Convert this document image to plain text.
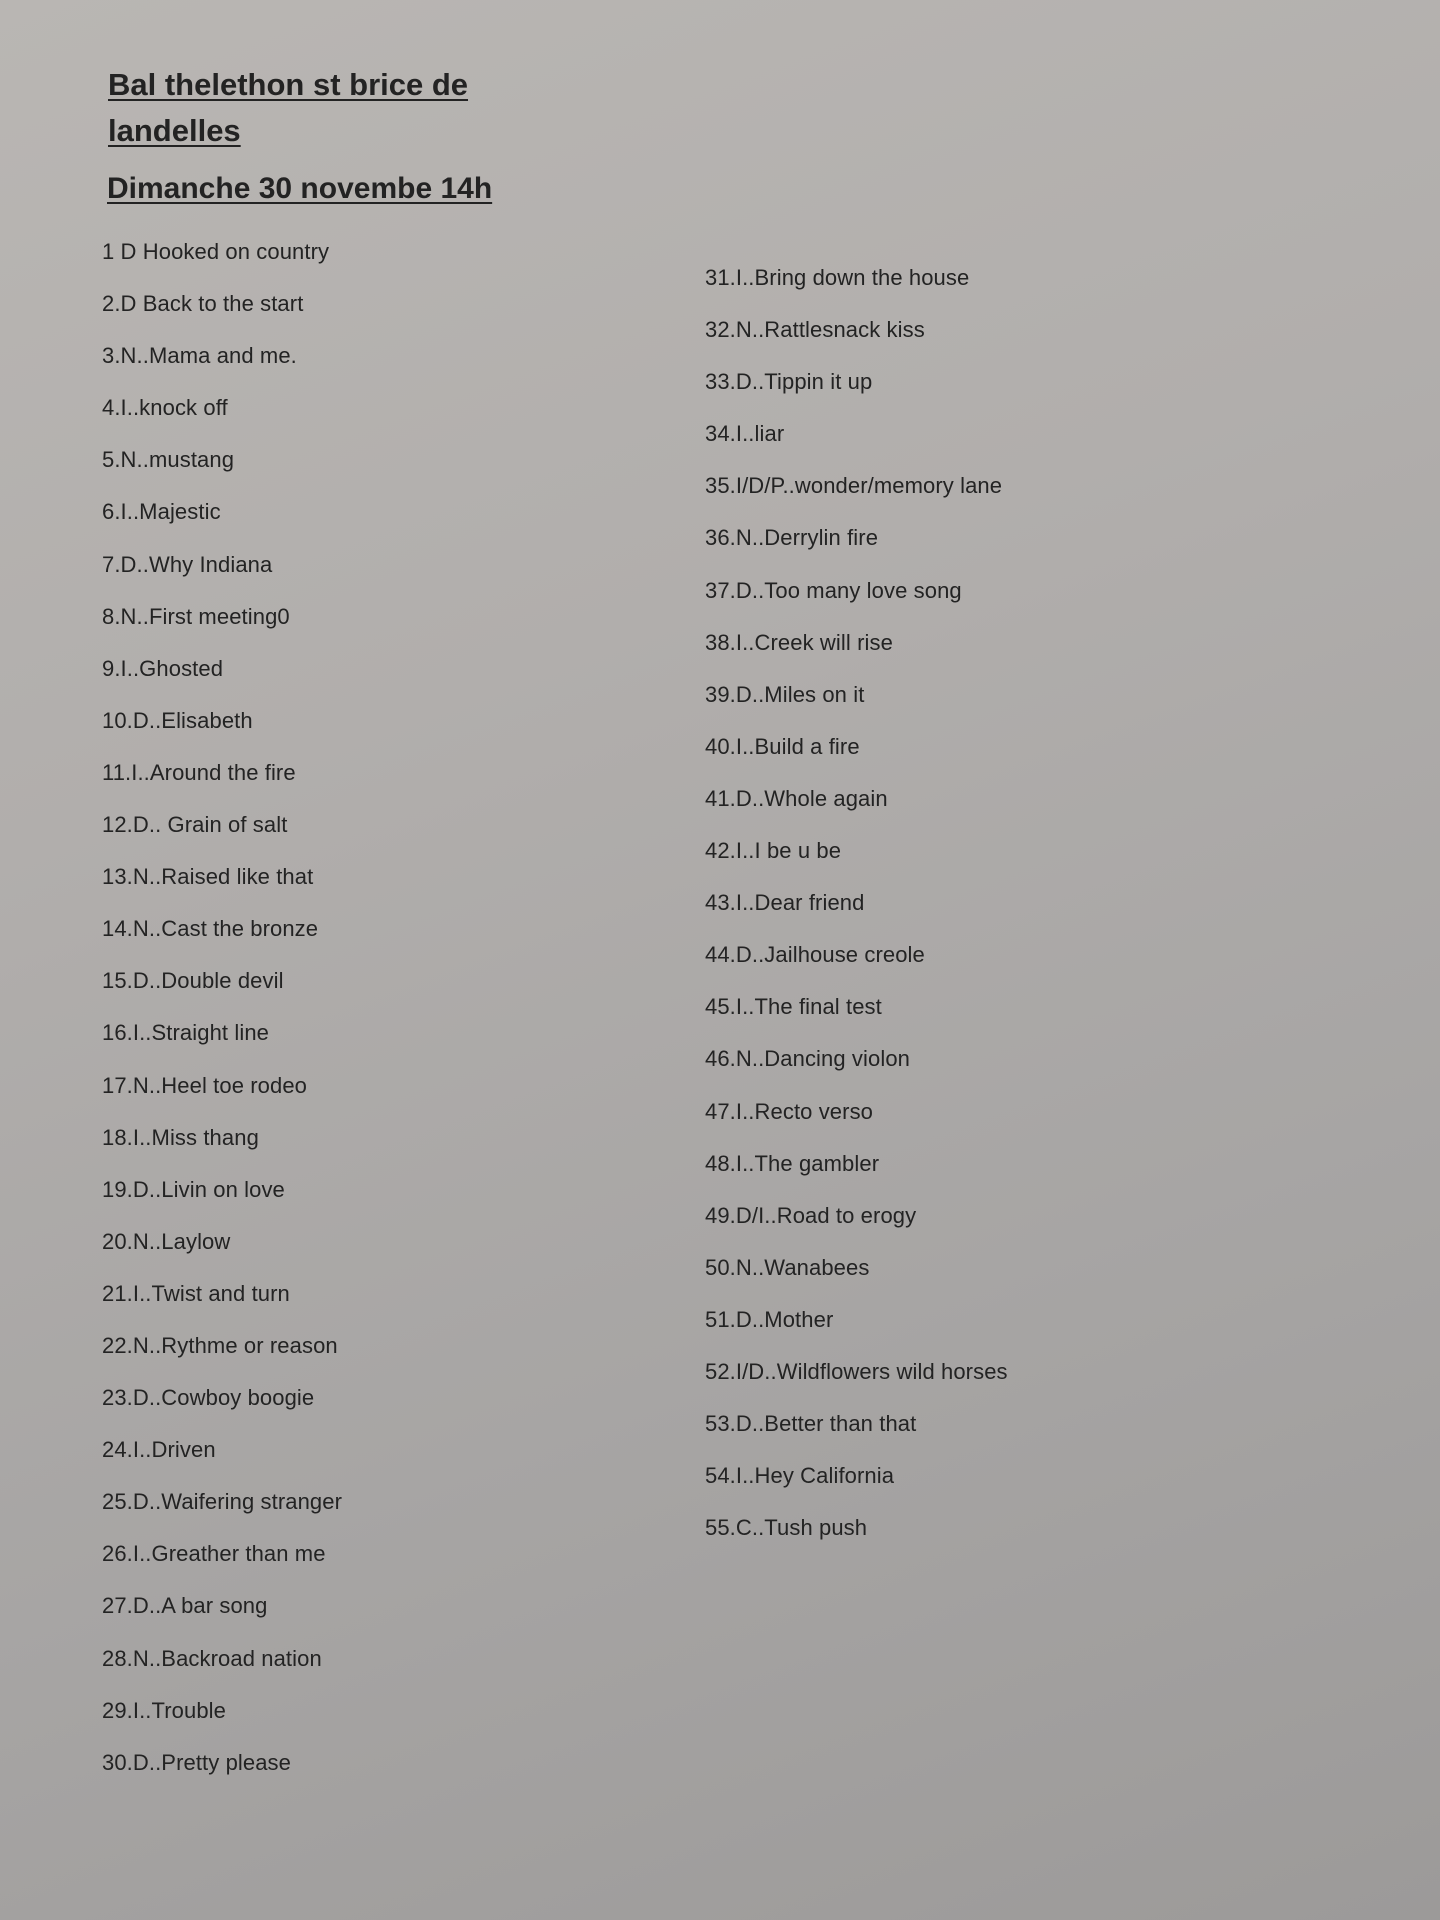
Bal thelethon st brice de
landelles
Dimanche 30 novembe 14h
1 D Hooked on country
2.D Back to the start
3.N..Mama and me.
4.I..knock off
5.N..mustang
6.I..Majestic
7.D..Why Indiana
8.N..First meeting0
9.I..Ghosted
10.D..Elisabeth
11.I..Around the fire
12.D.. Grain of salt
13.N..Raised like that
14.N..Cast the bronze
15.D..Double devil
16.I..Straight line
17.N..Heel toe rodeo
18.I..Miss thang
19.D..Livin on love
20.N..Laylow
21.I..Twist and turn
22.N..Rythme or reason
23.D..Cowboy boogie
24.I..Driven
25.D..Waifering stranger
26.I..Greather than me
27.D..A bar song
28.N..Backroad nation
29.I..Trouble
30.D..Pretty please
31.I..Bring down the house
32.N..Rattlesnack kiss
33.D..Tippin it up
34.I..liar
35.I/D/P..wonder/memory lane
36.N..Derrylin fire
37.D..Too many love song
38.I..Creek will rise
39.D..Miles on it
40.I..Build a fire
41.D..Whole again
42.I..I be u be
43.I..Dear friend
44.D..Jailhouse creole
45.I..The final test
46.N..Dancing violon
47.I..Recto verso
48.I..The gambler
49.D/I..Road to erogy
50.N..Wanabees
51.D..Mother
52.I/D..Wildflowers wild horses
53.D..Better than that
54.I..Hey California
55.C..Tush push
